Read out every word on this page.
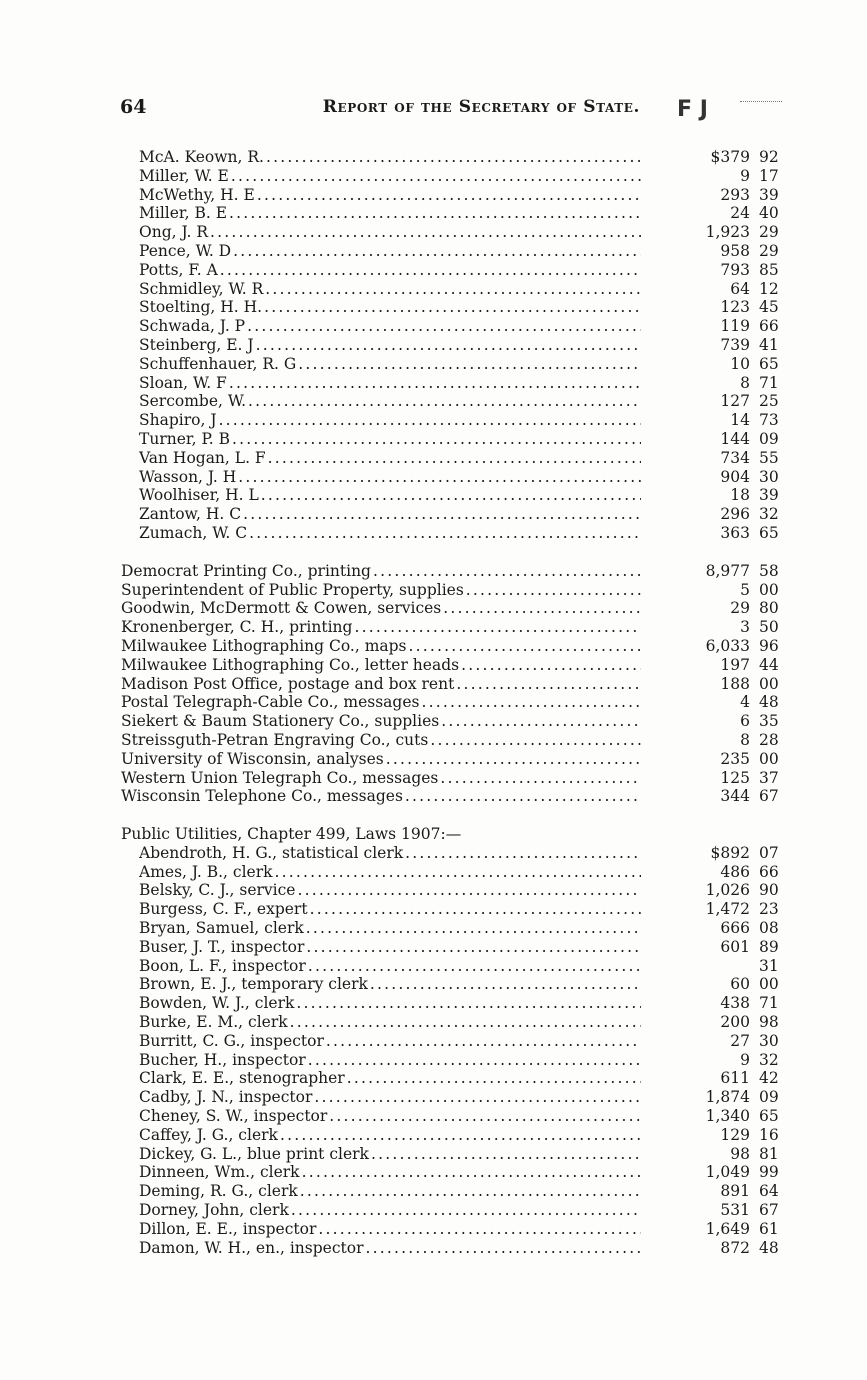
64	Report of the Secretary of State. F J
McA. Keown, R. .....	$379 92
Miller, W. E .....	9 17
McWethy, H. E .....	293 39
Miller, B. E .....	24 40
Ong, J. R .....	1,923 29
Pence, W. D .....	958 29
Potts, F. A .....	793 85
Schmidley, W. R .....	64 12
Stoelting, H. H. .....	123 45
Schwada, J. P .....	119 66
Steinberg, E. J .....	739 41
Schuffenhauer, R. G .....	10 65
Sloan, W. F .....	8 71
Sercombe, W. .....	127 25
Shapiro, J .....	14 73
Turner, P. B .....	144 09
Van Hogan, L. F .....	734 55
Wasson, J. H .....	904 30
Woolhiser, H. L .....	18 39
Zantow, H. C .....	296 32
Zumach, W. C .....	363 65
Democrat Printing Co., printing .....	8,977 58
Superintendent of Public Property, supplies .....	5 00
Goodwin, McDermott & Cowen, services .....	29 80
Kronenberger, C. H., printing .....	3 50
Milwaukee Lithographing Co., maps .....	6,033 96
Milwaukee Lithographing Co., letter heads .....	197 44
Madison Post Office, postage and box rent .....	188 00
Postal Telegraph-Cable Co., messages .....	4 48
Siekert & Baum Stationery Co., supplies .....	6 35
Streissguth-Petran Engraving Co., cuts .....	8 28
University of Wisconsin, analyses .....	235 00
Western Union Telegraph Co., messages .....	125 37
Wisconsin Telephone Co., messages .....	344 67
Public Utilities, Chapter 499, Laws 1907:—
Abendroth, H. G., statistical clerk .....	$892 07
Ames, J. B., clerk .....	486 66
Belsky, C. J., service .....	1,026 90
Burgess, C. F., expert .....	1,472 23
Bryan, Samuel, clerk .....	666 08
Buser, J. T., inspector .....	601 89
Boon, L. F., inspector .....	31
Brown, E. J., temporary clerk .....	60 00
Bowden, W. J., clerk .....	438 71
Burke, E. M., clerk .....	200 98
Burritt, C. G., inspector .....	27 30
Bucher, H., inspector .....	9 32
Clark, E. E., stenographer .....	611 42
Cadby, J. N., inspector .....	1,874 09
Cheney, S. W., inspector .....	1,340 65
Caffey, J. G., clerk .....	129 16
Dickey, G. L., blue print clerk .....	98 81
Dinneen, Wm., clerk .....	1,049 99
Deming, R. G., clerk .....	891 64
Dorney, John, clerk .....	531 67
Dillon, E. E., inspector .....	1,649 61
Damon, W. H., en., inspector .....	872 48
